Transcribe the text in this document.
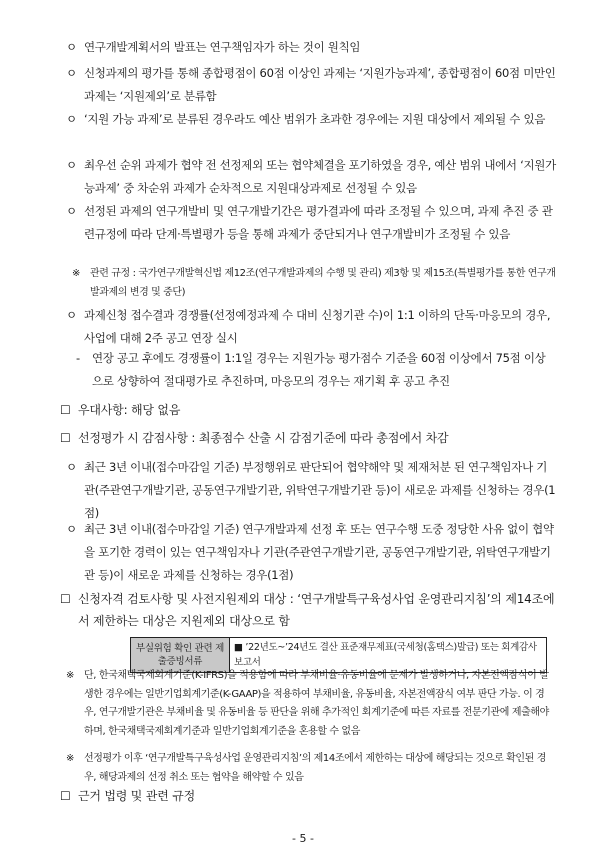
ㅇ 연구개발계획서의 발표는 연구책임자가 하는 것이 원칙임
ㅇ 신청과제의 평가를 통해 종합평점이 60점 이상인 과제는 ‘지원가능과제’, 종합평점이 60점 미만인 과제는 ‘지원제외’로 분류함
ㅇ ‘지원 가능 과제’로 분류된 경우라도 예산 범위가 초과한 경우에는 지원 대상에서 제외될 수 있음
ㅇ 최우선 순위 과제가 협약 전 선정제외 또는 협약체결을 포기하였을 경우, 예산 범위 내에서 ‘지원가능과제’ 중 차순위 과제가 순차적으로 지원대상과제로 선정될 수 있음
ㅇ 선정된 과제의 연구개발비 및 연구개발기간은 평가결과에 따라 조정될 수 있으며, 과제 추진 중 관련규정에 따라 단계·특별평가 등을 통해 과제가 중단되거나 연구개발비가 조정될 수 있음
※	관련 규정 : 국가연구개발혁신법 제12조(연구개발과제의 수행 및 관리) 제3항 및 제15조(특별평가를 통한 연구개발과제의 변경 및 중단)
ㅇ 과제신청 접수결과 경쟁률(선정예정과제 수 대비 신청기관 수)이 1:1 이하의 단독·마응모의 경우, 사업에 대해 2주 공고 연장 실시
-	연장 공고 후에도 경쟁률이 1:1일 경우는 지원가능 평가점수 기준을 60점 이상에서 75점 이상으로 상향하여 절대평가로 추진하며, 마응모의 경우는 재기획 후 공고 추진
☐ 우대사항: 해당 없음
☐ 선정평가 시 감점사항 : 최종점수 산출 시 감점기준에 따라 총점에서 차감
ㅇ 최근 3년 이내(접수마감일 기준) 부정행위로 판단되어 협약해약 및 제재처분 된 연구책임자나 기관(주관연구개발기관, 공동연구개발기관, 위탁연구개발기관 등)이 새로운 과제를 신청하는 경우(1점)
ㅇ 최근 3년 이내(접수마감일 기준) 연구개발과제 선정 후 또는 연구수행 도중 정당한 사유 없이 협약을 포기한 경력이 있는 연구책임자나 기관(주관연구개발기관, 공동연구개발기관, 위탁연구개발기관 등)이 새로운 과제를 신청하는 경우(1점)
☐ 신청자격 검토사항 및 사전지원제외 대상 : ‘연구개발특구육성사업 운영관리지침’의 제14조에서 제한하는 대상은 지원제외 대상으로 함
부실위험 확인 관련 제출증빙서류	■ ’22년도~’24년도 결산 표준재무제표(국세청(홈택스)발급) 또는 회계감사보고서
※	단, 한국채택국제회계기준(K-IFRS)을 적용함에 따라 부채비율·유동비율에 문제가 발생하거나, 자본전액잠식이 발생한 경우에는 일반기업회계기준(K-GAAP)을 적용하여 부채비율, 유동비율, 자본전액잠식 여부 판단 가능. 이 경우, 연구개발기관은 부채비율 및 유동비율 등 판단을 위해 추가적인 회계기준에 따른 자료를 전문기관에 제출해야 하며, 한국채택국제회계기준과 일반기업회계기준을 혼용할 수 없음
※	선정평가 이후 ‘연구개발특구육성사업 운영관리지침’의 제14조에서 제한하는 대상에 해당되는 것으로 확인된 경우, 해당과제의 선정 취소 또는 협약을 해약할 수 있음
☐ 근거 법령 및 관련 규정
- 5 -
